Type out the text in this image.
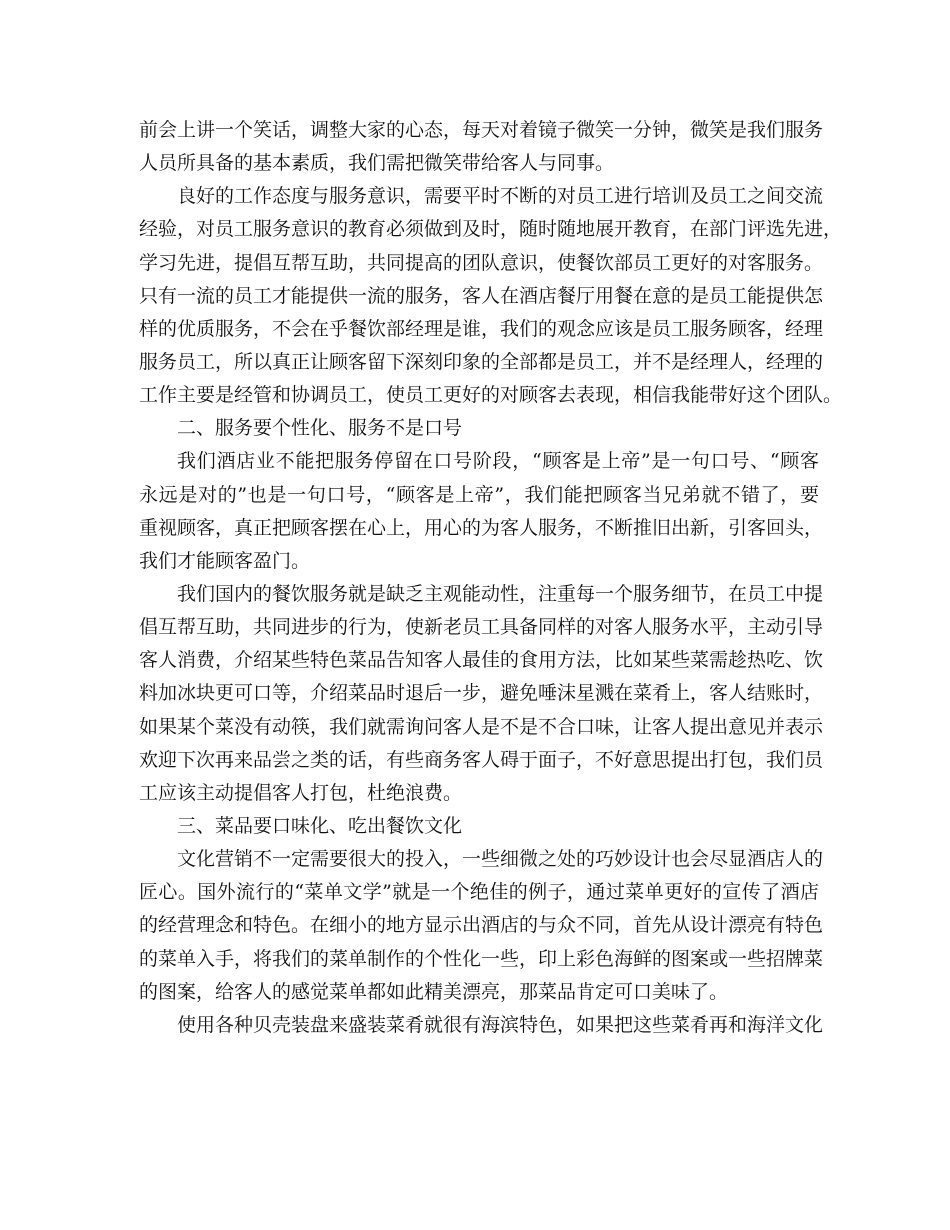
前会上讲一个笑话，调整大家的心态，每天对着镜子微笑一分钟，微笑是我们服务
人员所具备的基本素质，我们需把微笑带给客人与同事。
良好的工作态度与服务意识，需要平时不断的对员工进行培训及员工之间交流
经验，对员工服务意识的教育必须做到及时，随时随地展开教育，在部门评选先进，
学习先进，提倡互帮互助，共同提高的团队意识，使餐饮部员工更好的对客服务。
只有一流的员工才能提供一流的服务，客人在酒店餐厅用餐在意的是员工能提供怎
样的优质服务，不会在乎餐饮部经理是谁，我们的观念应该是员工服务顾客，经理
服务员工，所以真正让顾客留下深刻印象的全部都是员工，并不是经理人，经理的
工作主要是经管和协调员工，使员工更好的对顾客去表现，相信我能带好这个团队。
二、服务要个性化、服务不是口号
我们酒店业不能把服务停留在口号阶段，“顾客是上帝”是一句口号、“顾客
永远是对的”也是一句口号，“顾客是上帝”，我们能把顾客当兄弟就不错了，要
重视顾客，真正把顾客摆在心上，用心的为客人服务，不断推旧出新，引客回头，
我们才能顾客盈门。
我们国内的餐饮服务就是缺乏主观能动性，注重每一个服务细节，在员工中提
倡互帮互助，共同进步的行为，使新老员工具备同样的对客人服务水平，主动引导
客人消费，介绍某些特色菜品告知客人最佳的食用方法，比如某些菜需趁热吃、饮
料加冰块更可口等，介绍菜品时退后一步，避免唾沫星溅在菜肴上，客人结账时，
如果某个菜没有动筷，我们就需询问客人是不是不合口味，让客人提出意见并表示
欢迎下次再来品尝之类的话，有些商务客人碍于面子，不好意思提出打包，我们员
工应该主动提倡客人打包，杜绝浪费。
三、菜品要口味化、吃出餐饮文化
文化营销不一定需要很大的投入，一些细微之处的巧妙设计也会尽显酒店人的
匠心。国外流行的“菜单文学”就是一个绝佳的例子，通过菜单更好的宣传了酒店
的经营理念和特色。在细小的地方显示出酒店的与众不同，首先从设计漂亮有特色
的菜单入手，将我们的菜单制作的个性化一些，印上彩色海鲜的图案或一些招牌菜
的图案，给客人的感觉菜单都如此精美漂亮，那菜品肯定可口美味了。
使用各种贝壳装盘来盛装菜肴就很有海滨特色，如果把这些菜肴再和海洋文化
